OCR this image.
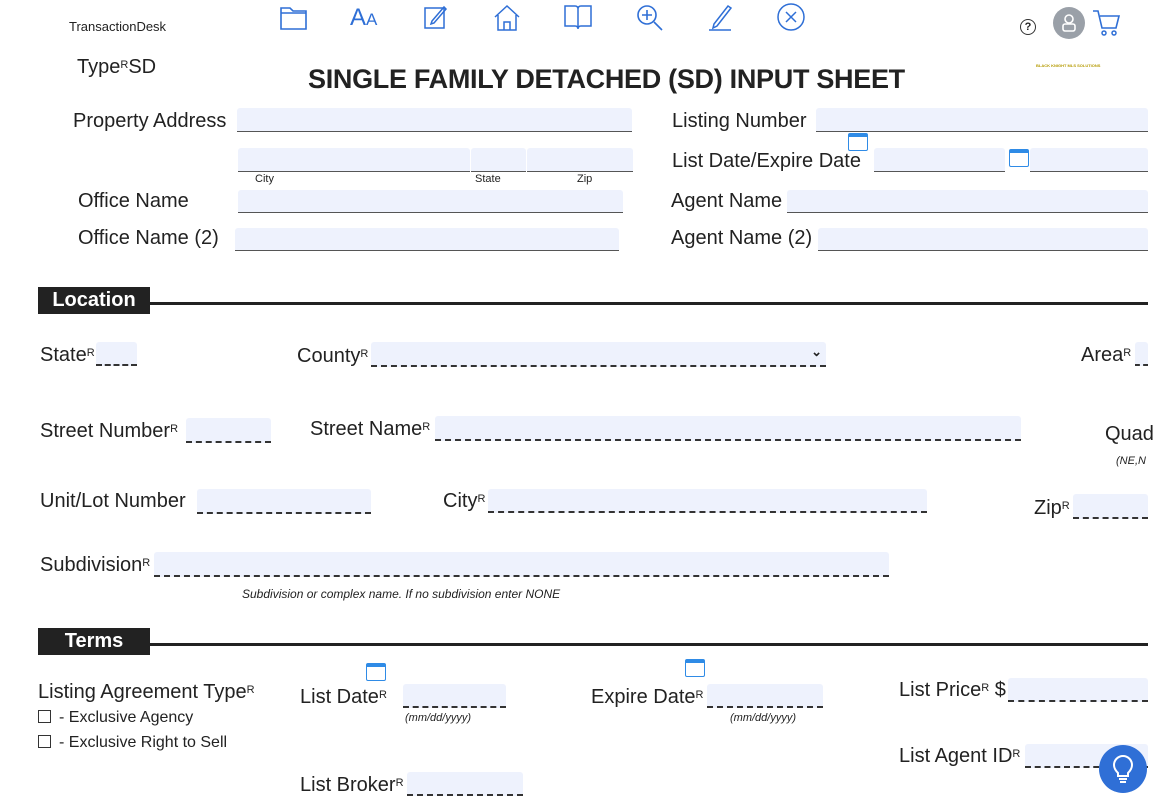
TransactionDesk	AA	?
BLACK KNIGHT MLS SOLUTIONS
Type$^R$SD	SINGLE FAMILY DETACHED (SD) INPUT SHEET
Property Address	Listing Number
City	State	Zip
List Date/Expire Date
Office Name	Agent Name
Office Name (2)	Agent Name (2)
Location
State$^R$	County$^R$	⌄	Area$^R$
Street Number$^R$	Street Name$^R$	Quad
(NE,N
Unit/Lot Number	City$^R$	Zip$^R$
Subdivision$^R$
Subdivision or complex name. If no subdivision enter NONE
Terms
Listing Agreement Type$^R$
- Exclusive Agency
- Exclusive Right to Sell
List Date$^R$
(mm/dd/yyyy)
Expire Date$^R$
(mm/dd/yyyy)
List Price$^R$ $
List Agent $ID^R$
List Broker$^R$
